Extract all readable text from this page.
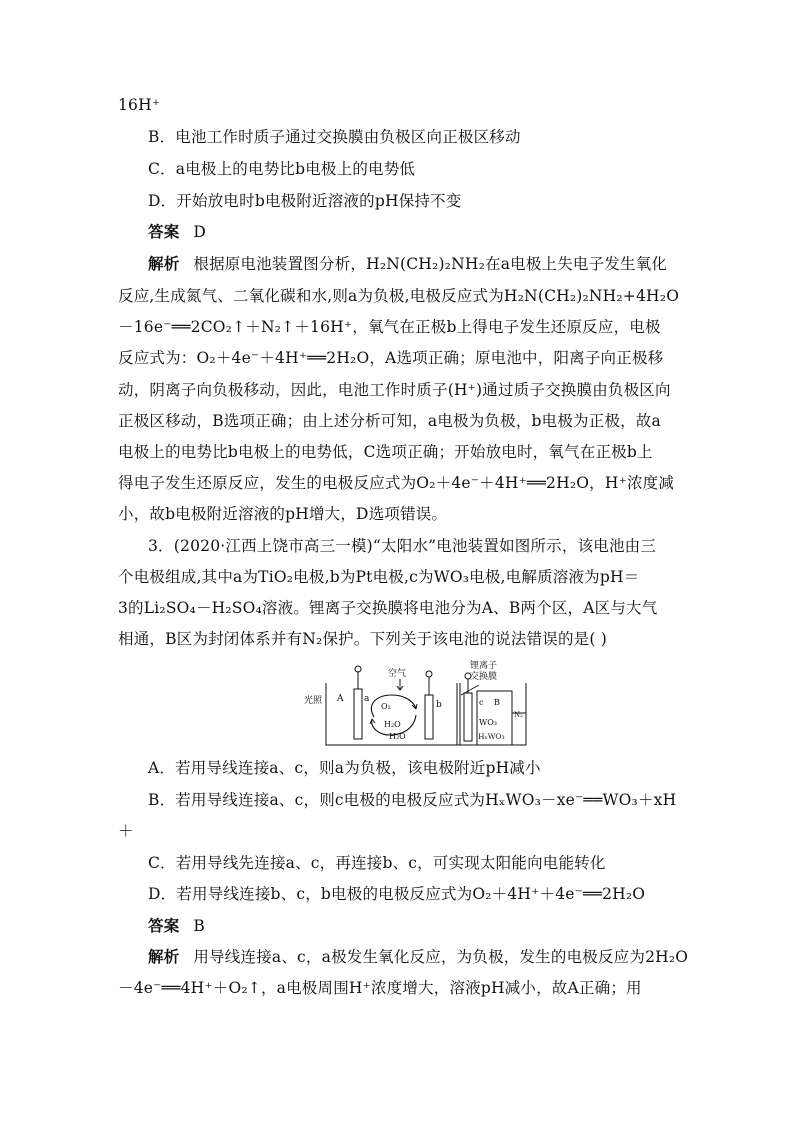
16H⁺
B．电池工作时质子通过交换膜由负极区向正极区移动
C．a电极上的电势比b电极上的电势低
D．开始放电时b电极附近溶液的pH保持不变
答案 D
解析 根据原电池装置图分析，H₂N(CH₂)₂NH₂在a电极上失电子发生氧化
反应,生成氮气、二氧化碳和水,则a为负极,电极反应式为H₂N(CH₂)₂NH₂+4H₂O
－16e⁻══2CO₂↑＋N₂↑＋16H⁺，氧气在正极b上得电子发生还原反应，电极
反应式为：O₂＋4e⁻＋4H⁺══2H₂O，A选项正确；原电池中，阳离子向正极移
动，阴离子向负极移动，因此，电池工作时质子(H⁺)通过质子交换膜由负极区向
正极区移动，B选项正确；由上述分析可知，a电极为负极，b电极为正极，故a
电极上的电势比b电极上的电势低，C选项正确；开始放电时，氧气在正极b上
得电子发生还原反应，发生的电极反应式为O₂＋4e⁻＋4H⁺══2H₂O，H⁺浓度减
小，故b电极附近溶液的pH增大，D选项错误。
3．(2020·江西上饶市高三一模)“太阳水”电池装置如图所示，该电池由三
个电极组成,其中a为TiO₂电极,b为Pt电极,c为WO₃电极,电解质溶液为pH＝
3的Li₂SO₄－H₂SO₄溶液。锂离子交换膜将电池分为A、B两个区，A区与大气
相通，B区为封闭体系并有N₂保护。下列关于该电池的说法错误的是( )
光照 A a
空气
O₂
H₂O
H₂O
b
锂离子
交换膜
c B
WO₃
HₓWO₃
N₂
A．若用导线连接a、c，则a为负极，该电极附近pH减小
B．若用导线连接a、c，则c电极的电极反应式为HₓWO₃－xe⁻══WO₃＋xH
＋
C．若用导线先连接a、c，再连接b、c，可实现太阳能向电能转化
D．若用导线连接b、c，b电极的电极反应式为O₂＋4H⁺＋4e⁻══2H₂O
答案 B
解析 用导线连接a、c，a极发生氧化反应，为负极，发生的电极反应为2H₂O
－4e⁻══4H⁺＋O₂↑，a电极周围H⁺浓度增大，溶液pH减小，故A正确；用
